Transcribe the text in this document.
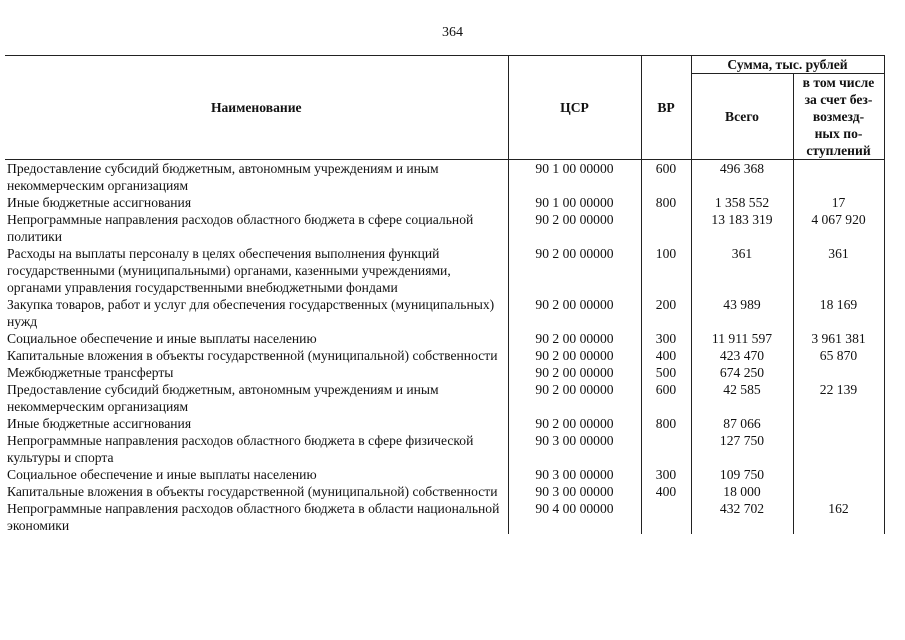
364
Наименование	ЦСР	ВР	Сумма, тыс. рублей	
			Всего	в том числе
за счет без-
возмезд-
ных по-
ступлений
Предоставление субсидий бюджетным, автономным учреждениям и иным некоммерческим организациям	90 1 00 00000	600	496 368	
Иные бюджетные ассигнования	90 1 00 00000	800	1 358 552	17
Непрограммные направления расходов областного бюджета в сфере социальной политики	90 2 00 00000		13 183 319	4 067 920
Расходы на выплаты персоналу в целях обеспечения выполнения функций государственными (муниципальными) органами, казенными учреждениями, органами управления государственными внебюджетными фондами	90 2 00 00000	100	361	361
Закупка товаров, работ и услуг для обеспечения государственных (муниципальных) нужд	90 2 00 00000	200	43 989	18 169
Социальное обеспечение и иные выплаты населению	90 2 00 00000	300	11 911 597	3 961 381
Капитальные вложения в объекты государственной (муниципальной) собственности	90 2 00 00000	400	423 470	65 870
Межбюджетные трансферты	90 2 00 00000	500	674 250	
Предоставление субсидий бюджетным, автономным учреждениям и иным некоммерческим организациям	90 2 00 00000	600	42 585	22 139
Иные бюджетные ассигнования	90 2 00 00000	800	87 066	
Непрограммные направления расходов областного бюджета в сфере физической культуры и спорта	90 3 00 00000		127 750	
Социальное обеспечение и иные выплаты населению	90 3 00 00000	300	109 750	
Капитальные вложения в объекты государственной (муниципальной) собственности	90 3 00 00000	400	18 000	
Непрограммные направления расходов областного бюджета в области национальной экономики	90 4 00 00000		432 702	162
